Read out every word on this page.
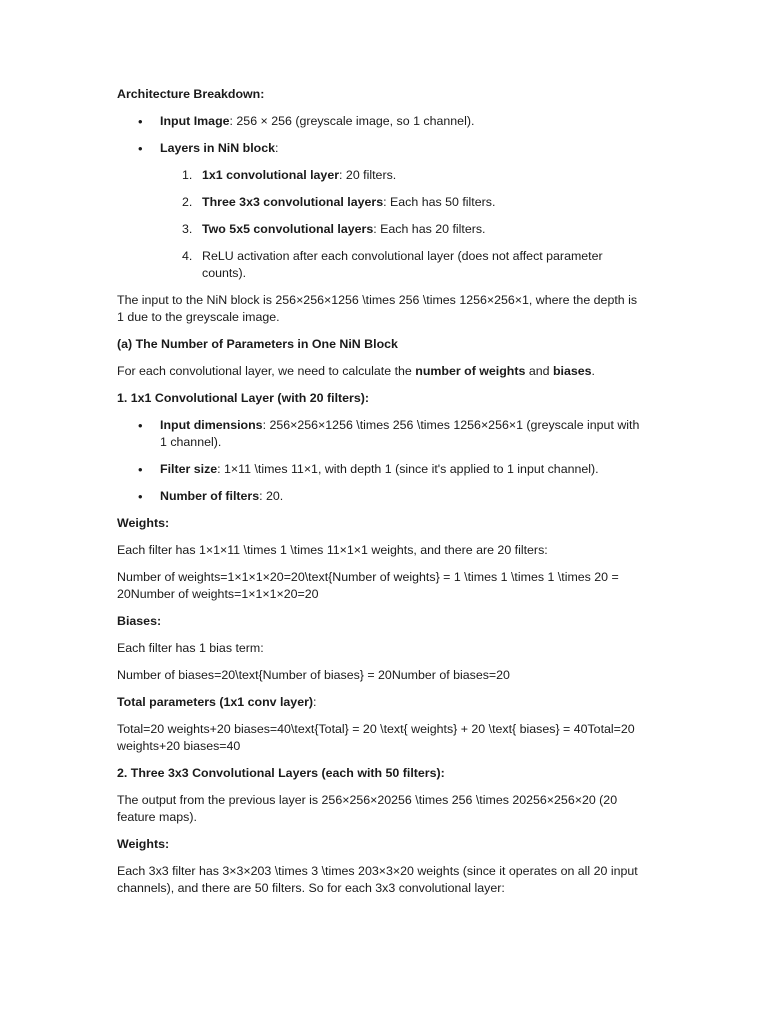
Architecture Breakdown:

• Input Image: 256 × 256 (greyscale image, so 1 channel).
• Layers in NiN block:
1. 1x1 convolutional layer: 20 filters.
2. Three 3x3 convolutional layers: Each has 50 filters.
3. Two 5x5 convolutional layers: Each has 20 filters.
4. ReLU activation after each convolutional layer (does not affect parameter counts).

The input to the NiN block is 256×256×1256 \times 256 \times 1256×256×1, where the depth is 1 due to the greyscale image.

(a) The Number of Parameters in One NiN Block

For each convolutional layer, we need to calculate the number of weights and biases.

1. 1x1 Convolutional Layer (with 20 filters):

• Input dimensions: 256×256×1256 \times 256 \times 1256×256×1 (greyscale input with 1 channel).
• Filter size: 1×11 \times 11×1, with depth 1 (since it's applied to 1 input channel).
• Number of filters: 20.

Weights:

Each filter has 1×1×11 \times 1 \times 11×1×1 weights, and there are 20 filters:

Number of weights=1×1×1×20=20\text{Number of weights} = 1 \times 1 \times 1 \times 20 = 20Number of weights=1×1×1×20=20

Biases:

Each filter has 1 bias term:

Number of biases=20\text{Number of biases} = 20Number of biases=20

Total parameters (1x1 conv layer):

Total=20 weights+20 biases=40\text{Total} = 20 \text{ weights} + 20 \text{ biases} = 40Total=20 weights+20 biases=40

2. Three 3x3 Convolutional Layers (each with 50 filters):

The output from the previous layer is 256×256×20256 \times 256 \times 20256×256×20 (20 feature maps).

Weights:

Each 3x3 filter has 3×3×203 \times 3 \times 203×3×20 weights (since it operates on all 20 input channels), and there are 50 filters. So for each 3x3 convolutional layer:
